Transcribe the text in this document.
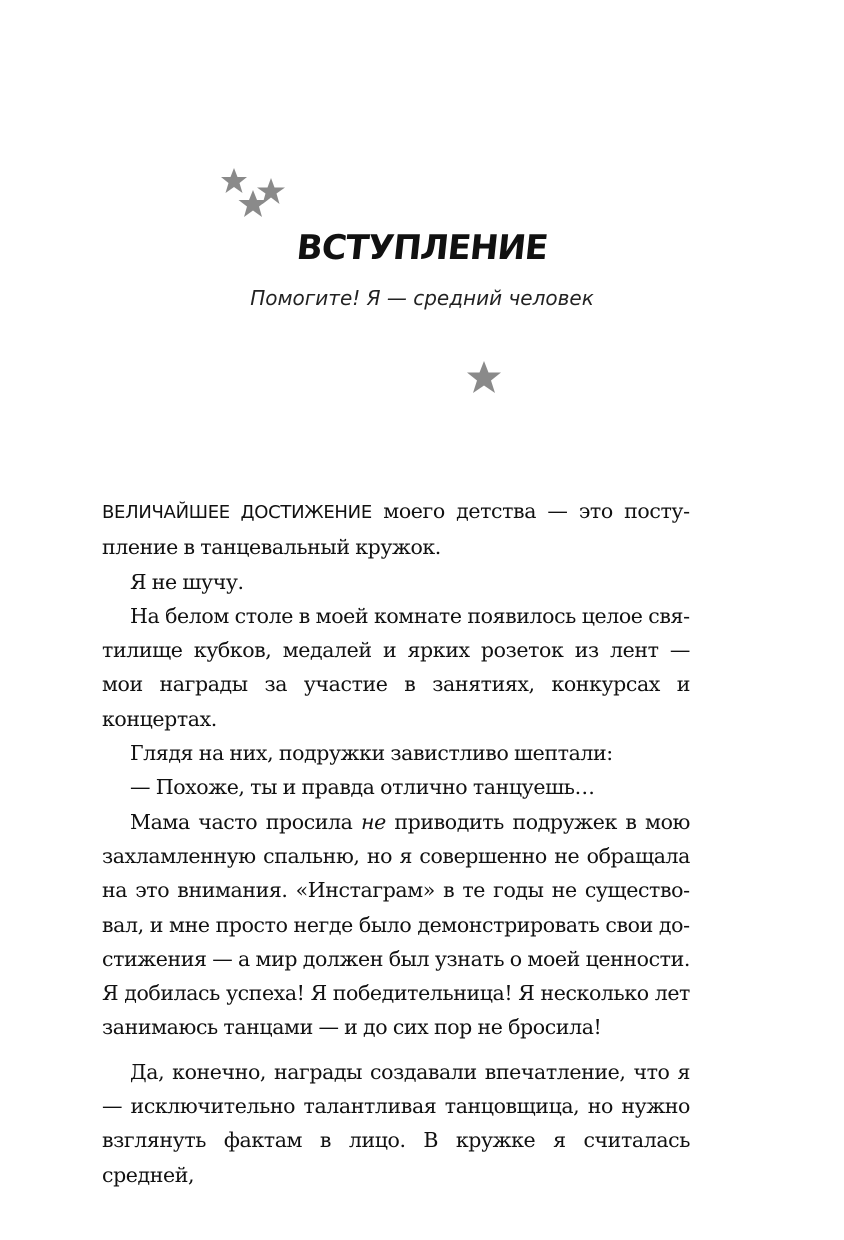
ВСТУПЛЕНИЕ
Помогите! Я — средний человек

ВЕЛИЧАЙШЕЕ ДОСТИЖЕНИЕ моего детства — это поступление в танцевальный кружок.

Я не шучу.

На белом столе в моей комнате появилось целое святилище кубков, медалей и ярких розеток из лент — мои награды за участие в занятиях, конкурсах и концертах.

Глядя на них, подружки завистливо шептали:

— Похоже, ты и правда отлично танцуешь…

Мама часто просила не приводить подружек в мою захламленную спальню, но я совершенно не обращала на это внимания. «Инстаграм» в те годы не существовал, и мне просто негде было демонстрировать свои достижения — а мир должен был узнать о моей ценности. Я добилась успеха! Я победительница! Я несколько лет занимаюсь танцами — и до сих пор не бросила!

Да, конечно, награды создавали впечатление, что я — исключительно талантливая танцовщица, но нужно взглянуть фактам в лицо. В кружке я считалась средней,
